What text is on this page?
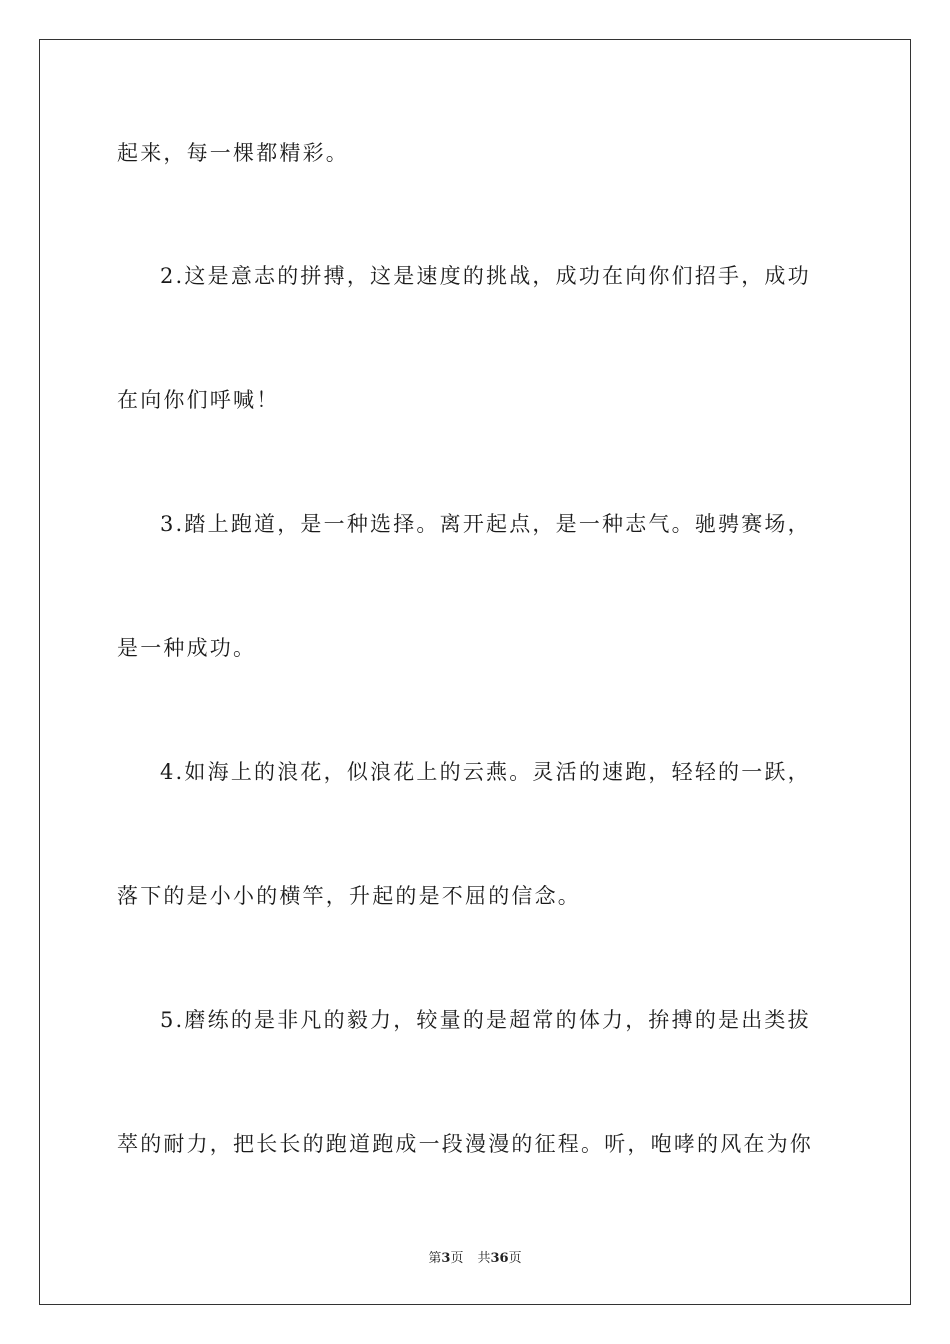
起来，每一棵都精彩。
2.这是意志的拼搏，这是速度的挑战，成功在向你们招手，成功
在向你们呼喊！
3.踏上跑道，是一种选择。离开起点，是一种志气。驰骋赛场，
是一种成功。
4.如海上的浪花，似浪花上的云燕。灵活的速跑，轻轻的一跃，
落下的是小小的横竿，升起的是不屈的信念。
5.磨练的是非凡的毅力，较量的是超常的体力，拚搏的是出类拔
萃的耐力，把长长的跑道跑成一段漫漫的征程。听，咆哮的风在为你
第3页 共36页
